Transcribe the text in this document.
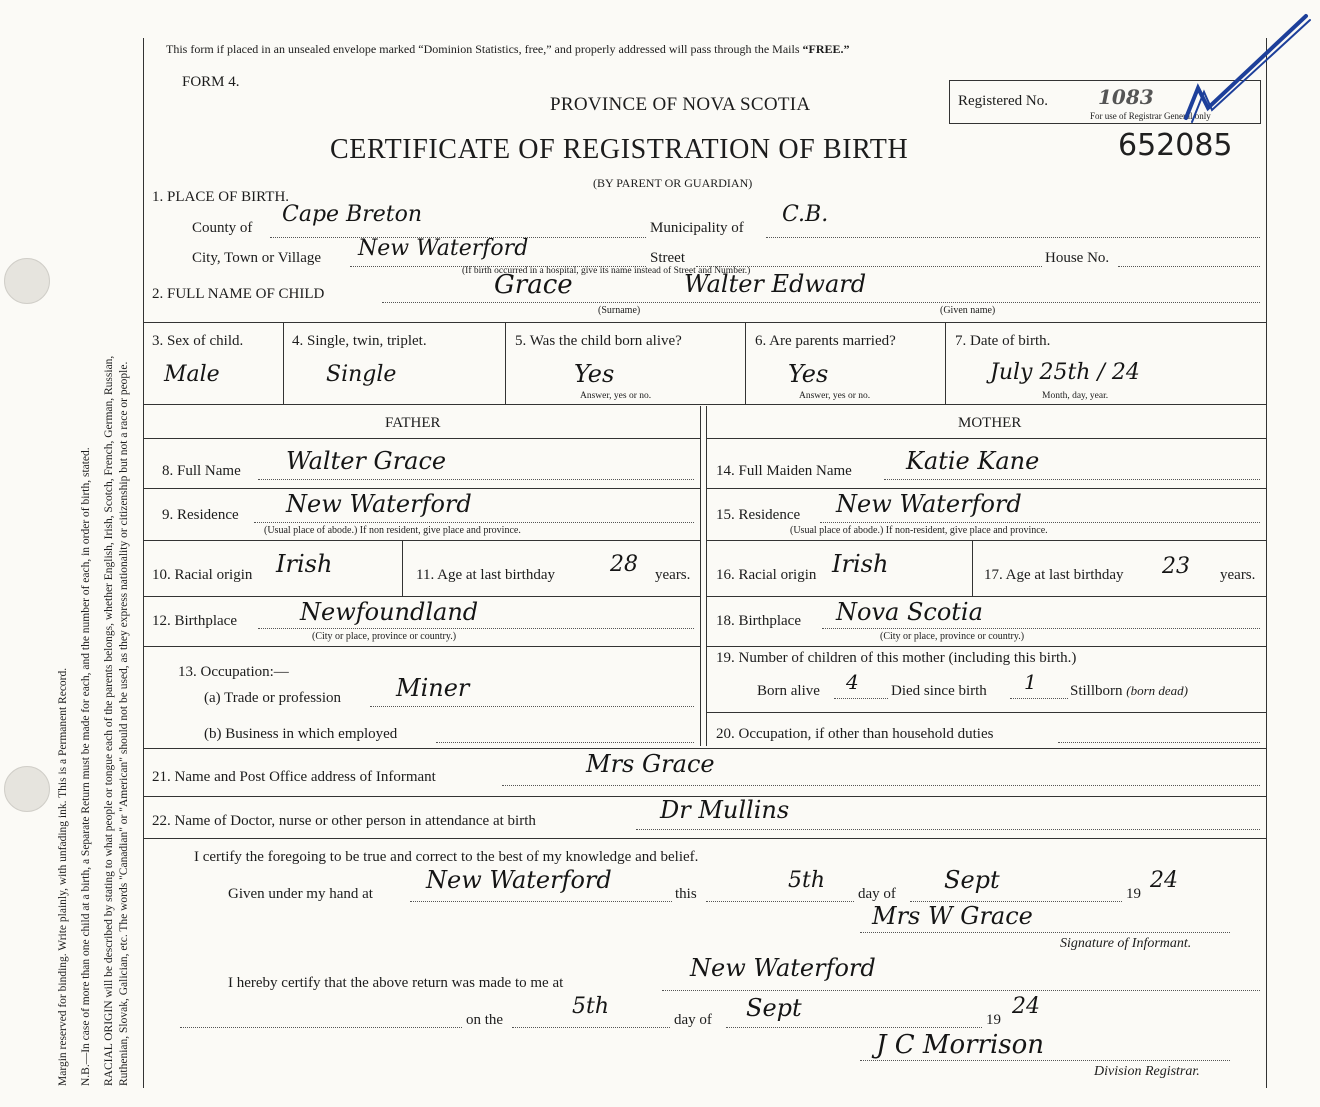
Margin reserved for binding. Write plainly, with unfading ink. This is a Permanent Record. N.B.—In case of more than one child at a birth, a Separate Return must be made for each, and the number of each, in order of birth, stated. RACIAL ORIGIN will be described by stating to what people or tongue each of the parents belongs, whether English, Irish, Scotch, French, German, Russian, Ruthenian, Slovak, Galician, etc. The words "Canadian" or "American" should not be used, as they express nationality or citizenship but not a race or people.
This form if placed in an unsealed envelope marked “Dominion Statistics, free,” and properly addressed will pass through the Mails “FREE.”
FORM 4.
PROVINCE OF NOVA SCOTIA
CERTIFICATE OF REGISTRATION OF BIRTH
(BY PARENT OR GUARDIAN)
Registered No.	1083
For use of Registrar General only
652085
1. PLACE OF BIRTH.
County of
Cape Breton
Municipality of
C.B.
City, Town or Village New Waterford	Street	House No.
(If birth occurred in a hospital, give its name instead of Street and Number.)
2. FULL NAME OF CHILD	Grace	Walter Edward
(Surname)	(Given name)
3. Sex of child.
Male
4. Single, twin, triplet.
Single
5. Was the child born alive?
Yes
Answer, yes or no.
6. Are parents married?
Yes
Answer, yes or no.
7. Date of birth.
July 25th / 24
Month, day, year.
FATHER	MOTHER
8. Full Name Walter Grace	14. Full Maiden Name Katie Kane
9. Residence New Waterford
(Usual place of abode.) If non resident, give place and province.
15. Residence New Waterford
(Usual place of abode.) If non-resident, give place and province.
10. Racial origin Irish	11. Age at last birthday	28 years. 16. Racial origin Irish	17. Age at last birthday 23 years.
12. Birthplace	Newfoundland
(City or place, province or country.)
18. Birthplace Nova Scotia
(City or place, province or country.)
13. Occupation:—
(a) Trade or profession Miner
19. Number of children of this mother (including this birth.)
Born alive 4 Died since birth 1 Stillborn (born dead)
(b) Business in which employed	20. Occupation, if other than household duties
21. Name and Post Office address of Informant	Mrs Grace
22. Name of Doctor, nurse or other person in attendance at birth	Dr Mullins
I certify the foregoing to be true and correct to the best of my knowledge and belief.
Given under my hand at New Waterford	this
5th
day of Sept	19
24
Mrs W Grace
Signature of Informant.
I hereby certify that the above return was made to me at
New Waterford
on the
5th
day of Sept	19
24
J C Morrison
Division Registrar.
